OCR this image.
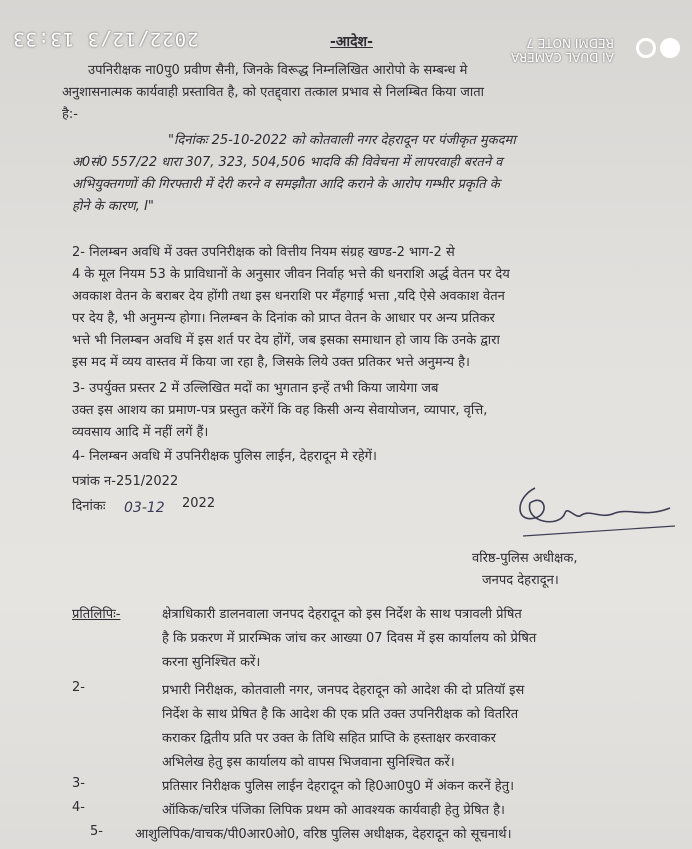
2022/12/3 13:33
AI DUAL CAMERA
REDMI NOTE 7
-आदेश-
उपनिरीक्षक ना0पु0 प्रवीण सैनी, जिनके विरूद्ध निम्नलिखित आरोपो के सम्बन्ध मे
अनुशासनात्मक कार्यवाही प्रस्तावित है, को एतद्द्वारा तत्काल प्रभाव से निलम्बित किया जाता
है:-
"दिनांकः 25-10-2022 को कोतवाली नगर देहरादून पर पंजीकृत मुकदमा
अ0सं0 557/22 धारा 307, 323, 504,506 भादवि की विवेचना में लापरवाही बरतने व
अभियुक्तगणों की गिरफ्तारी में देरी करने व समझौता आदि कराने के आरोप गम्भीर प्रकृति के
होने के कारण, I"
2- निलम्बन अवधि में उक्त उपनिरीक्षक को वित्तीय नियम संग्रह खण्ड-2 भाग-2 से
4 के मूल नियम 53 के प्राविधानों के अनुसार जीवन निर्वाह भत्ते की धनराशि अर्द्ध वेतन पर देय
अवकाश वेतन के बराबर देय होंगी तथा इस धनराशि पर मँहगाई भत्ता ,यदि ऐसे अवकाश वेतन
पर देय है, भी अनुमन्य होगा। निलम्बन के दिनांक को प्राप्त वेतन के आधार पर अन्य प्रतिकर
भत्ते भी निलम्बन अवधि में इस शर्त पर देय होंगें, जब इसका समाधान हो जाय कि उनके द्वारा
इस मद में व्यय वास्तव में किया जा रहा है, जिसके लिये उक्त प्रतिकर भत्ते अनुमन्य है।
3- उपर्युक्त प्रस्तर 2 में उल्लिखित मदों का भुगतान इन्हें तभी किया जायेगा जब
उक्त इस आशय का प्रमाण-पत्र प्रस्तुत करेंगें कि वह किसी अन्य सेवायोजन, व्यापार, वृत्ति,
व्यवसाय आदि में नहीं लगें हैं।
4- निलम्बन अवधि में उपनिरीक्षक पुलिस लाईन, देहरादून मे रहेगें।
पत्रांक न-251/2022
दिनांकः 03-12 2022
वरिष्ठ-पुलिस अधीक्षक,
जनपद देहरादून।
प्रतिलिपिः-	क्षेत्राधिकारी डालनवाला जनपद देहरादून को इस निर्देश के साथ पत्रावली प्रेषित
है कि प्रकरण में प्रारम्भिक जांच कर आख्या 07 दिवस में इस कार्यालय को प्रेषित
करना सुनिश्चित करें।
2-	प्रभारी निरीक्षक, कोतवाली नगर, जनपद देहरादून को आदेश की दो प्रतियॉ इस
निर्देश के साथ प्रेषित है कि आदेश की एक प्रति उक्त उपनिरीक्षक को वितरित
कराकर द्वितीय प्रति पर उक्त के तिथि सहित प्राप्ति के हस्ताक्षर करवाकर
अभिलेख हेतु इस कार्यालय को वापस भिजवाना सुनिश्चित करें।
3-	प्रतिसार निरीक्षक पुलिस लाईन देहरादून को हि0आ0पु0 में अंकन करनें हेतु।
4-	ऑकिक/चरित्र पंजिका लिपिक प्रथम को आवश्यक कार्यवाही हेतु प्रेषित है।
5- आशुलिपिक/वाचक/पी0आर0ओ0, वरिष्ठ पुलिस अधीक्षक, देहरादून को सूचनार्थ।
